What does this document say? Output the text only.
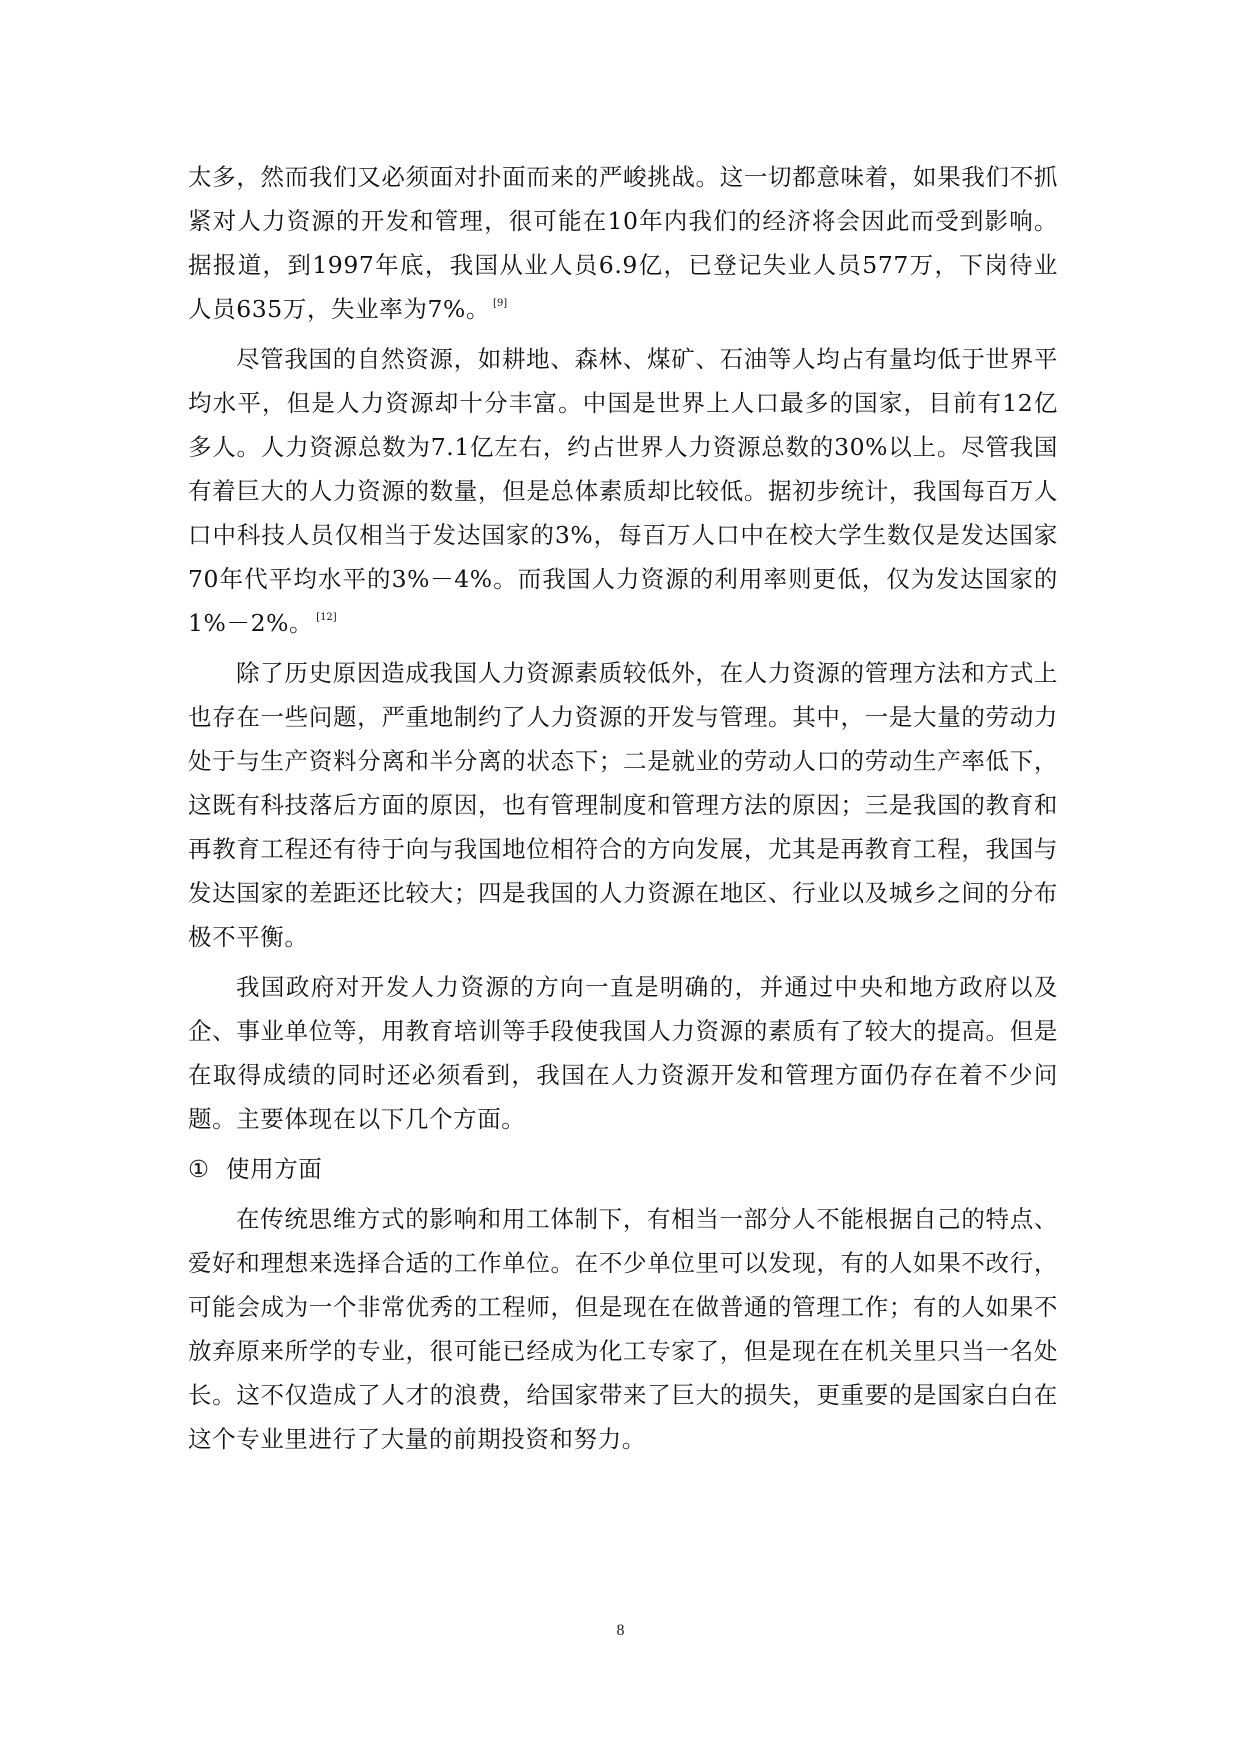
太多，然而我们又必须面对扑面而来的严峻挑战。这一切都意味着，如果我们不抓紧对人力资源的开发和管理，很可能在10年内我们的经济将会因此而受到影响。据报道，到1997年底，我国从业人员6.9亿，已登记失业人员577万，下岗待业人员635万，失业率为7%。 [9]

尽管我国的自然资源，如耕地、森林、煤矿、石油等人均占有量均低于世界平均水平，但是人力资源却十分丰富。中国是世界上人口最多的国家，目前有12亿多人。人力资源总数为7.1亿左右，约占世界人力资源总数的30%以上。尽管我国有着巨大的人力资源的数量，但是总体素质却比较低。据初步统计，我国每百万人口中科技人员仅相当于发达国家的3%，每百万人口中在校大学生数仅是发达国家70年代平均水平的3%－4%。而我国人力资源的利用率则更低，仅为发达国家的1%－2%。 [12]

除了历史原因造成我国人力资源素质较低外，在人力资源的管理方法和方式上也存在一些问题，严重地制约了人力资源的开发与管理。其中，一是大量的劳动力处于与生产资料分离和半分离的状态下；二是就业的劳动人口的劳动生产率低下，这既有科技落后方面的原因，也有管理制度和管理方法的原因；三是我国的教育和再教育工程还有待于向与我国地位相符合的方向发展，尤其是再教育工程，我国与发达国家的差距还比较大；四是我国的人力资源在地区、行业以及城乡之间的分布极不平衡。

我国政府对开发人力资源的方向一直是明确的，并通过中央和地方政府以及企、事业单位等，用教育培训等手段使我国人力资源的素质有了较大的提高。但是在取得成绩的同时还必须看到，我国在人力资源开发和管理方面仍存在着不少问题。主要体现在以下几个方面。

① 使用方面

在传统思维方式的影响和用工体制下，有相当一部分人不能根据自己的特点、爱好和理想来选择合适的工作单位。在不少单位里可以发现，有的人如果不改行，可能会成为一个非常优秀的工程师，但是现在在做普通的管理工作；有的人如果不放弃原来所学的专业，很可能已经成为化工专家了，但是现在在机关里只当一名处长。这不仅造成了人才的浪费，给国家带来了巨大的损失，更重要的是国家白白在这个专业里进行了大量的前期投资和努力。

8
